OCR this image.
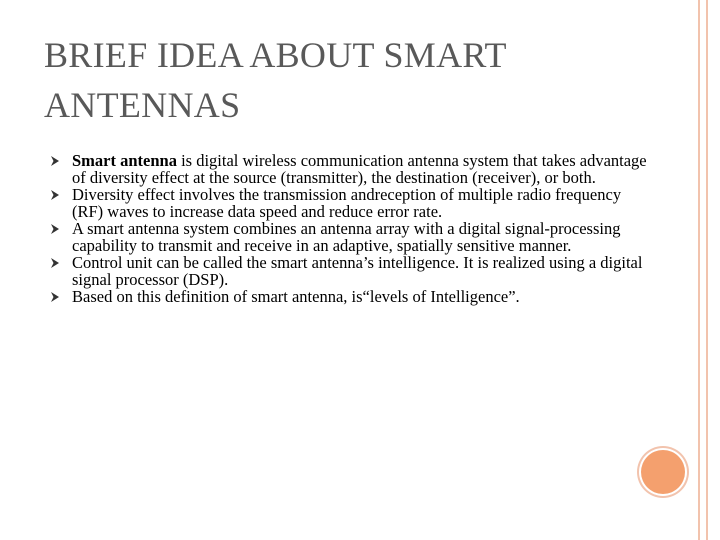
BRIEF IDEA ABOUT SMART ANTENNAS
Smart antenna is digital wireless communication antenna system that takes advantage of diversity effect at the source (transmitter), the destination (receiver), or both.
Diversity effect involves the transmission andreception of multiple radio frequency (RF) waves to increase data speed and reduce error rate.
A smart antenna system combines an antenna array with a digital signal-processing capability to transmit and receive in an adaptive, spatially sensitive manner.
Control unit can be called the smart antenna’s intelligence. It is realized using a digital signal processor (DSP).
Based on this definition of smart antenna, is“levels of Intelligence”.
